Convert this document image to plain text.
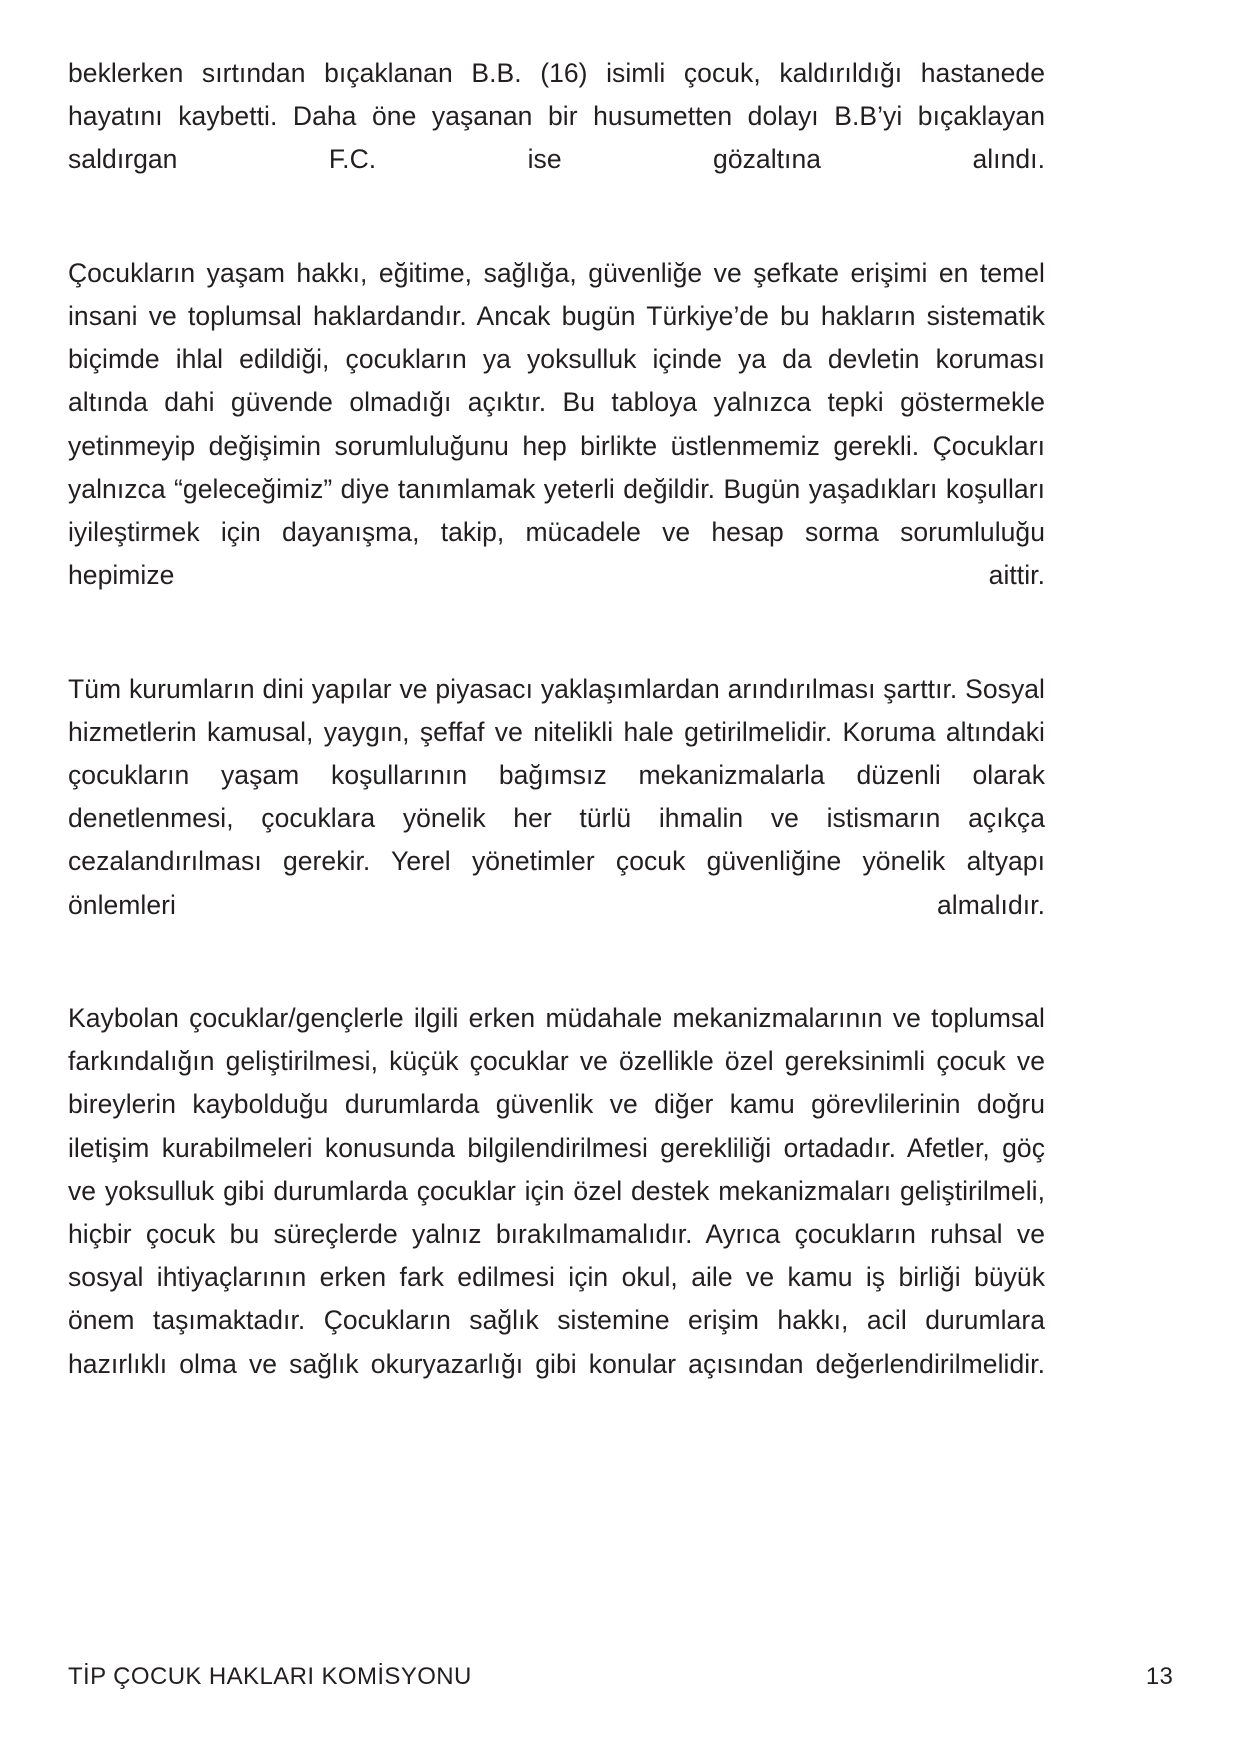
beklerken sırtından bıçaklanan B.B. (16) isimli çocuk, kaldırıldığı hastanede hayatını kaybetti. Daha öne yaşanan bir husumetten dolayı B.B’yi bıçaklayan saldırgan F.C. ise gözaltına alındı.

Çocukların yaşam hakkı, eğitime, sağlığa, güvenliğe ve şefkate erişimi en temel insani ve toplumsal haklardandır. Ancak bugün Türkiye’de bu hakların sistematik biçimde ihlal edildiği, çocukların ya yoksulluk içinde ya da devletin koruması altında dahi güvende olmadığı açıktır. Bu tabloya yalnızca tepki göstermekle yetinmeyip değişimin sorumluluğunu hep birlikte üstlenmemiz gerekli. Çocukları yalnızca “geleceğimiz” diye tanımlamak yeterli değildir. Bugün yaşadıkları koşulları iyileştirmek için dayanışma, takip, mücadele ve hesap sorma sorumluluğu hepimize aittir.

Tüm kurumların dini yapılar ve piyasacı yaklaşımlardan arındırılması şarttır. Sosyal hizmetlerin kamusal, yaygın, şeffaf ve nitelikli hale getirilmelidir. Koruma altındaki çocukların yaşam koşullarının bağımsız mekanizmalarla düzenli olarak denetlenmesi, çocuklara yönelik her türlü ihmalin ve istismarın açıkça cezalandırılması gerekir. Yerel yönetimler çocuk güvenliğine yönelik altyapı önlemleri almalıdır.

Kaybolan çocuklar/gençlerle ilgili erken müdahale mekanizmalarının ve toplumsal farkındalığın geliştirilmesi, küçük çocuklar ve özellikle özel gereksinimli çocuk ve bireylerin kaybolduğu durumlarda güvenlik ve diğer kamu görevlilerinin doğru iletişim kurabilmeleri konusunda bilgilendirilmesi gerekliliği ortadadır. Afetler, göç ve yoksulluk gibi durumlarda çocuklar için özel destek mekanizmaları geliştirilmeli, hiçbir çocuk bu süreçlerde yalnız bırakılmamalıdır. Ayrıca çocukların ruhsal ve sosyal ihtiyaçlarının erken fark edilmesi için okul, aile ve kamu iş birliği büyük önem taşımaktadır. Çocukların sağlık sistemine erişim hakkı, acil durumlara hazırlıklı olma ve sağlık okuryazarlığı gibi konular açısından değerlendirilmelidir.

TİP ÇOCUK HAKLARI KOMİSYONU	13
